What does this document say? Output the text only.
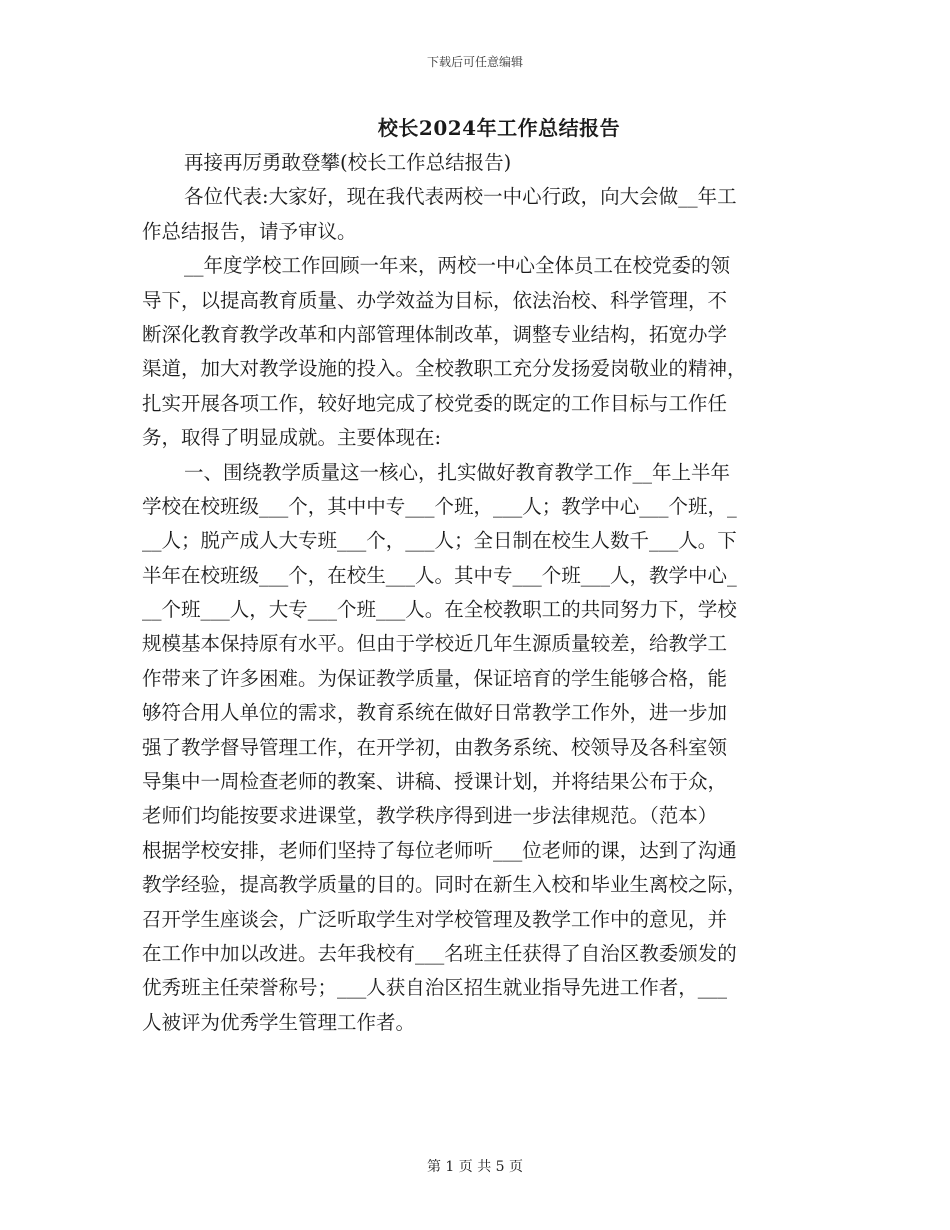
下载后可任意编辑
校长2024年工作总结报告
再接再厉勇敢登攀(校长工作总结报告)
各位代表:大家好，现在我代表两校一中心行政，向大会做__年工
作总结报告，请予审议。
__年度学校工作回顾一年来，两校一中心全体员工在校党委的领
导下，以提高教育质量、办学效益为目标，依法治校、科学管理，不
断深化教育教学改革和内部管理体制改革，调整专业结构，拓宽办学
渠道，加大对教学设施的投入。全校教职工充分发扬爱岗敬业的精神，
扎实开展各项工作，较好地完成了校党委的既定的工作目标与工作任
务，取得了明显成就。主要体现在:
一、围绕教学质量这一核心，扎实做好教育教学工作__年上半年
学校在校班级___个，其中中专___个班，___人；教学中心___个班，_
__人；脱产成人大专班___个，___人；全日制在校生人数千___人。下
半年在校班级___个，在校生___人。其中专___个班___人，教学中心_
__个班___人，大专___个班___人。在全校教职工的共同努力下，学校
规模基本保持原有水平。但由于学校近几年生源质量较差，给教学工
作带来了许多困难。为保证教学质量，保证培育的学生能够合格，能
够符合用人单位的需求，教育系统在做好日常教学工作外，进一步加
强了教学督导管理工作，在开学初，由教务系统、校领导及各科室领
导集中一周检查老师的教案、讲稿、授课计划，并将结果公布于众，
老师们均能按要求进课堂，教学秩序得到进一步法律规范。（范本）
根据学校安排，老师们坚持了每位老师听___位老师的课，达到了沟通
教学经验，提高教学质量的目的。同时在新生入校和毕业生离校之际，
召开学生座谈会，广泛听取学生对学校管理及教学工作中的意见，并
在工作中加以改进。去年我校有___名班主任获得了自治区教委颁发的
优秀班主任荣誉称号；___人获自治区招生就业指导先进工作者，___
人被评为优秀学生管理工作者。
第 1 页 共 5 页
